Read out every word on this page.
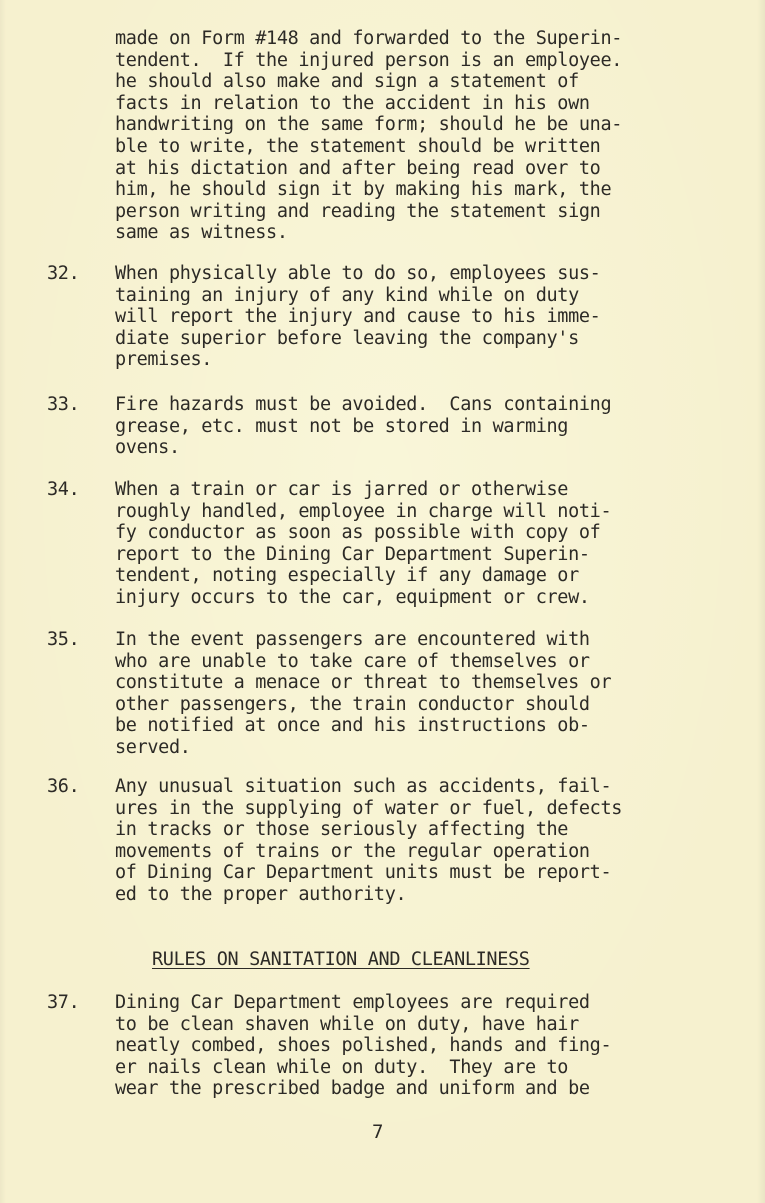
made on Form #148 and forwarded to the Superin-
tendent.  If the injured person is an employee.
he should also make and sign a statement of
facts in relation to the accident in his own
handwriting on the same form; should he be una-
ble to write, the statement should be written
at his dictation and after being read over to
him, he should sign it by making his mark, the
person writing and reading the statement sign
same as witness.
32.	When physically able to do so, employees sus-
taining an injury of any kind while on duty
will report the injury and cause to his imme-
diate superior before leaving the company's
premises.
33.	Fire hazards must be avoided.  Cans containing
grease, etc. must not be stored in warming
ovens.
34.	When a train or car is jarred or otherwise
roughly handled, employee in charge will noti-
fy conductor as soon as possible with copy of
report to the Dining Car Department Superin-
tendent, noting especially if any damage or
injury occurs to the car, equipment or crew.
35.	In the event passengers are encountered with
who are unable to take care of themselves or
constitute a menace or threat to themselves or
other passengers, the train conductor should
be notified at once and his instructions ob-
served.
36.	Any unusual situation such as accidents, fail-
ures in the supplying of water or fuel, defects
in tracks or those seriously affecting the
movements of trains or the regular operation
of Dining Car Department units must be report-
ed to the proper authority.
RULES ON SANITATION AND CLEANLINESS
37.	Dining Car Department employees are required
to be clean shaven while on duty, have hair
neatly combed, shoes polished, hands and fing-
er nails clean while on duty.  They are to
wear the prescribed badge and uniform and be
7
